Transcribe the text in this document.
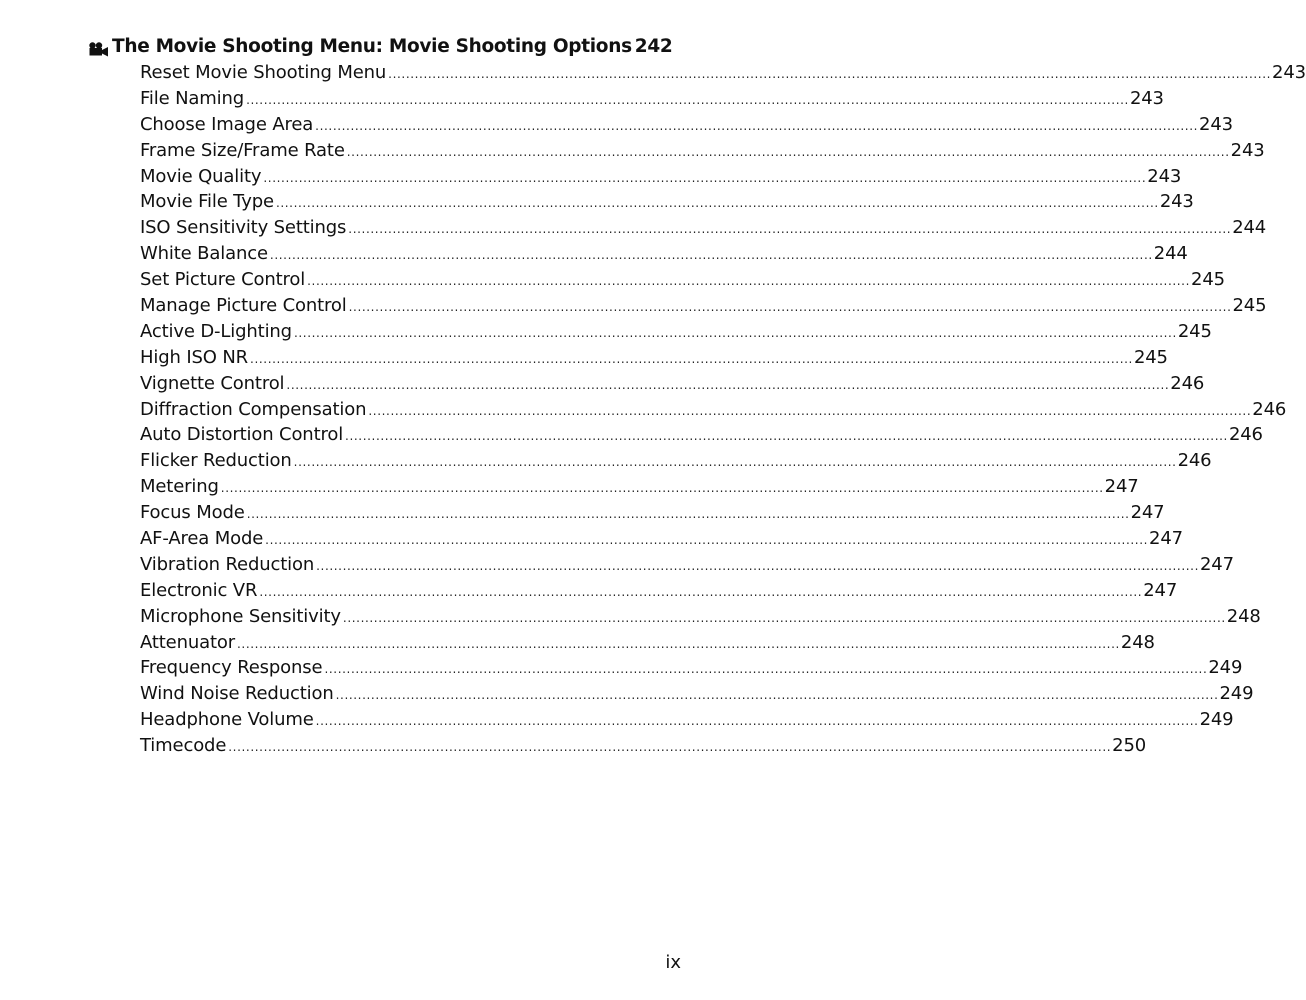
The Movie Shooting Menu: Movie Shooting Options 242
Reset Movie Shooting Menu .....	243
File Naming .....	243
Choose Image Area .....	243
Frame Size/Frame Rate .....	243
Movie Quality .....	243
Movie File Type .....	243
ISO Sensitivity Settings .....	244
White Balance .....	244
Set Picture Control .....	245
Manage Picture Control .....	245
Active D-Lighting .....	245
High ISO NR .....	245
Vignette Control .....	246
Diffraction Compensation .....	246
Auto Distortion Control .....	246
Flicker Reduction .....	246
Metering .....	247
Focus Mode .....	247
AF-Area Mode .....	247
Vibration Reduction .....	247
Electronic VR .....	247
Microphone Sensitivity .....	248
Attenuator .....	248
Frequency Response .....	249
Wind Noise Reduction .....	249
Headphone Volume .....	249
Timecode .....	250
ix
